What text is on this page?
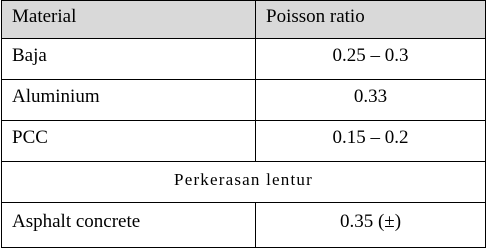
Material	Poisson ratio
Baja	0.25 – 0.3
Aluminium	0.33
PCC	0.15 – 0.2
Perkerasan lentur
Asphalt concrete	0.35 (±)
